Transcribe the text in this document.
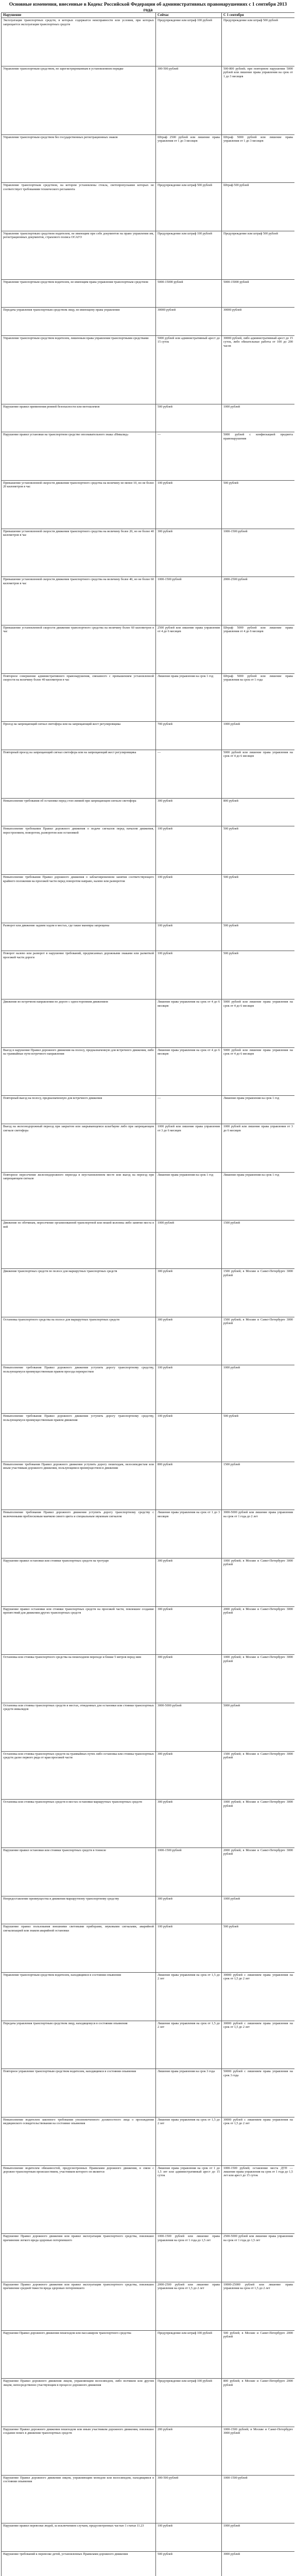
Основные изменения, внесенные в Кодекс Российской Федерации об административных правонарушениях с 1 сентября 2013 года
Нарушение	Сейчас	С 1 сентября
Эксплуатация транспортных средств, в которых содержатся неисправности или условия, при которых запрещается эксплуатация транспортных средств	Предупреждение или штраф 100 рублей	Предупреждение или штраф 500 рублей
Управление транспортным средством, не зарегистрированным в установленном порядке	300-500 рублей	500-800 рублей; при повторном нарушении 5000 рублей или лишение права управления на срок от 1 до 3 месяцев
Управление транспортным средством без государственных регистрационных знаков	Штраф 2500 рублей или лишение права управления от 1 до 3 месяцев	Штраф 5000 рублей или лишение права управления от 1 до 3 месяцев
Управление транспортным средством, на котором установлены стекла, светопропускание которых не соответствует требованиям технического регламента	Предупреждение или штраф 500 рублей	Штраф 500 рублей
Управление транспортным средством водителем, не имеющим при себе документов на право управления им, регистрационных документов, страхового полиса ОСАГО	Предупреждение или штраф 100 рублей	Предупреждение или штраф 500 рублей
Управление транспортным средством водителем, не имеющим права управления транспортным средством	5000-15000 рублей	5000-15000 рублей
Передача управления транспортным средством лицу, не имеющему права управления	30000 рублей	30000 рублей
Управление транспортным средством водителем, лишенным права управления транспортными средствами	5000 рублей или административный арест до 15 суток	30000 рублей, либо административный арест до 15 суток, либо обязательные работы от 100 до 200 часов
Нарушение правил применения ремней безопасности или мотошлемов	500 рублей	1000 рублей
Нарушение правил установки на транспортном средстве опознавательного знака «Инвалид»	—	5000 рублей с конфискацией предмета правонарушения
Превышение установленной скорости движения транспортного средства на величину не менее 10, но не более 20 километров в час	100 рублей	500 рублей
Превышение установленной скорости движения транспортного средства на величину более 20, но не более 40 километров в час	300 рублей	1000-1500 рублей
Превышение установленной скорости движения транспортного средства на величину более 40, но не более 60 километров в час	1000-1500 рублей	2000-2500 рублей
Превышение установленной скорости движения транспортного средства на величину более 60 километров в час	2500 рублей или лишение права управления от 4 до 6 месяцев	Штраф 5000 рублей или лишение права управления от 4 до 6 месяцев
Повторное совершение административного правонарушения, связанного с превышением установленной скорости на величину более 40 километров в час	Лишение права управления на срок 1 год	Штраф 5000 рублей или лишение права управления на срок от 1 года
Проезд на запрещающий сигнал светофора или на запрещающий жест регулировщика	700 рублей	1000 рублей
Повторный проезд на запрещающий сигнал светофора или на запрещающий жест регулировщика	—	5000 рублей или лишение права управления на срок от 4 до 6 месяцев
Невыполнение требования об остановке перед стоп-линией при запрещающем сигнале светофора	300 рублей	800 рублей
Невыполнение требования Правил дорожного движения о подаче сигналов перед началом движения, перестроением, поворотом, разворотом или остановкой	100 рублей	500 рублей
Невыполнение требования Правил дорожного движения о заблаговременном занятии соответствующего крайнего положения на проезжей части перед поворотом направо, налево или разворотом	100 рублей	500 рублей
Разворот или движение задним ходом в местах, где такие маневры запрещены	100 рублей	500 рублей
Поворот налево или разворот в нарушение требований, предписанных дорожными знаками или разметкой проезжей части дороги	100 рублей	500 рублей
Движение во встречном направлении по дороге с односторонним движением	Лишение права управления на срок от 4 до 6 месяцев	5000 рублей или лишение права управления на срок от 4 до 6 месяцев
Выезд в нарушение Правил дорожного движения на полосу, предназначенную для встречного движения, либо на трамвайные пути встречного направления	Лишение права управления на срок от 4 до 6 месяцев	5000 рублей или лишение права управления на срок от 4 до 6 месяцев
Повторный выезд на полосу, предназначенную для встречного движения	—	Лишение права управления на срок 1 год
Выезд на железнодорожный переезд при закрытом или закрывающемся шлагбауме либо при запрещающем сигнале светофора	1000 рублей или лишение права управления от 3 до 6 месяцев	1000 рублей или лишение права управления от 3 до 6 месяцев
Повторное пересечение железнодорожного переезда в неустановленном месте или выезд на переезд при запрещающем сигнале	Лишение права управления на срок 1 год	Лишение права управления на срок 1 год
Движение по обочинам, пересечение организованной транспортной или пешей колонны либо занятие места в ней	1000 рублей	1500 рублей
Движение транспортных средств по полосе для маршрутных транспортных средств	300 рублей	1500 рублей; в Москве и Санкт-Петербурге 3000 рублей
Остановка транспортного средства на полосе для маршрутных транспортных средств	300 рублей	1500 рублей; в Москве и Санкт-Петербурге 3000 рублей
Невыполнение требования Правил дорожного движения уступить дорогу транспортному средству, пользующемуся преимущественным правом проезда перекрестков	100 рублей	1000 рублей
Невыполнение требования Правил дорожного движения уступить дорогу транспортному средству, пользующемуся преимущественным правом движения	100 рублей	500 рублей
Невыполнение требования Правил дорожного движения уступить дорогу пешеходам, велосипедистам или иным участникам дорожного движения, пользующимся преимуществом в движении	800 рублей	1500 рублей
Невыполнение требования Правил дорожного движения уступить дорогу транспортному средству с включенными проблесковым маячком синего цвета и специальным звуковым сигналом	Лишение права управления на срок от 1 до 3 месяцев	3000-5000 рублей или лишение права управления на срок от 1 года до 2 лет
Нарушение правил остановки или стоянки транспортных средств на тротуаре	300 рублей	1000 рублей; в Москве и Санкт-Петербурге 3000 рублей
Нарушение правил остановки или стоянки транспортных средств на проезжей части, повлекшее создание препятствий для движения других транспортных средств	300 рублей	2000 рублей; в Москве и Санкт-Петербурге 3000 рублей
Остановка или стоянка транспортного средства на пешеходном переходе и ближе 5 метров перед ним	300 рублей	1000 рублей; в Москве и Санкт-Петербурге 3000 рублей
Остановка или стоянка транспортных средств в местах, отведенных для остановки или стоянки транспортных средств инвалидов	3000-5000 рублей	5000 рублей
Остановка или стоянка транспортных средств на трамвайных путях либо остановка или стоянка транспортных средств далее первого ряда от края проезжей части	300 рублей	1500 рублей; в Москве и Санкт-Петербурге 3000 рублей
Остановка или стоянка транспортных средств в местах остановки маршрутных транспортных средств	300 рублей	1000 рублей; в Москве и Санкт-Петербурге 3000 рублей
Нарушение правил остановки или стоянки транспортных средств в тоннеле	1000-1500 рублей	2000 рублей; в Москве и Санкт-Петербурге 3000 рублей
Непредоставление преимущества в движении маршрутному транспортному средству	300 рублей	1000 рублей
Нарушение правил пользования внешними световыми приборами, звуковыми сигналами, аварийной сигнализацией или знаком аварийной остановки	100 рублей	500 рублей
Управление транспортным средством водителем, находящимся в состоянии опьянения	Лишение права управления на срок от 1,5 до 2 лет	30000 рублей с лишением права управления на срок от 1,5 до 2 лет
Передача управления транспортным средством лицу, находящемуся в состоянии опьянения	Лишение права управления на срок от 1,5 до 2 лет	30000 рублей с лишением права управления на срок от 1,5 до 2 лет
Повторное управление транспортным средством водителем, находящимся в состоянии опьянения	Лишение права управления на срок 3 года	50000 рублей с лишением права управления на срок 3 года
Невыполнение водителем законного требования уполномоченного должностного лица о прохождении медицинского освидетельствования на состояние опьянения	Лишение права управления на срок от 1,5 до 2 лет	30000 рублей с лишением права управления на срок от 1,5 до 2 лет
Невыполнение водителем обязанностей, предусмотренных Правилами дорожного движения, в связи с дорожно-транспортным происшествием, участником которого он является	Лишение права управления на срок от 1 до 1,5 лет или административный арест до 15 суток	1000-1500 рублей; оставление места ДТП — лишение права управления на срок от 1 года до 1,5 лет или арест до 15 суток
Нарушение Правил дорожного движения или правил эксплуатации транспортного средства, повлекшее причинение легкого вреда здоровью потерпевшего	1000-1500 рублей или лишение права управления на срок от 1 года до 1,5 лет	2500-5000 рублей или лишение права управления на срок от 1 года до 1,5 лет
Нарушение Правил дорожного движения или правил эксплуатации транспортного средства, повлекшее причинение средней тяжести вреда здоровью потерпевшего	2000-2500 рублей или лишение права управления на срок от 1,5 до 2 лет	10000-25000 рублей или лишение права управления на срок от 1,5 до 2 лет
Нарушение Правил дорожного движения пешеходом или пассажиром транспортного средства	Предупреждение или штраф 100 рублей	500 рублей; в Москве и Санкт-Петербурге 2000 рублей
Нарушение Правил дорожного движения лицом, управляющим велосипедом, либо возчиком или другим лицом, непосредственно участвующим в процессе дорожного движения	Предупреждение или штраф 100 рублей	800 рублей; в Москве и Санкт-Петербурге 2000 рублей
Нарушение Правил дорожного движения пешеходом или иным участником дорожного движения, повлекшее создание помех в движении транспортных средств	200 рублей	1000-1500 рублей; в Москве и Санкт-Петербурге 3000 рублей
Нарушение Правил дорожного движения лицом, управляющим мопедом или велосипедом, находящимся в состоянии опьянения	300-500 рублей	1000-1500 рублей
Нарушение правил перевозки людей, за исключением случаев, предусмотренных частью 1 статьи 11.23	100 рублей	1000 рублей
Нарушение требований к перевозке детей, установленных Правилами дорожного движения	500 рублей	3000 рублей
